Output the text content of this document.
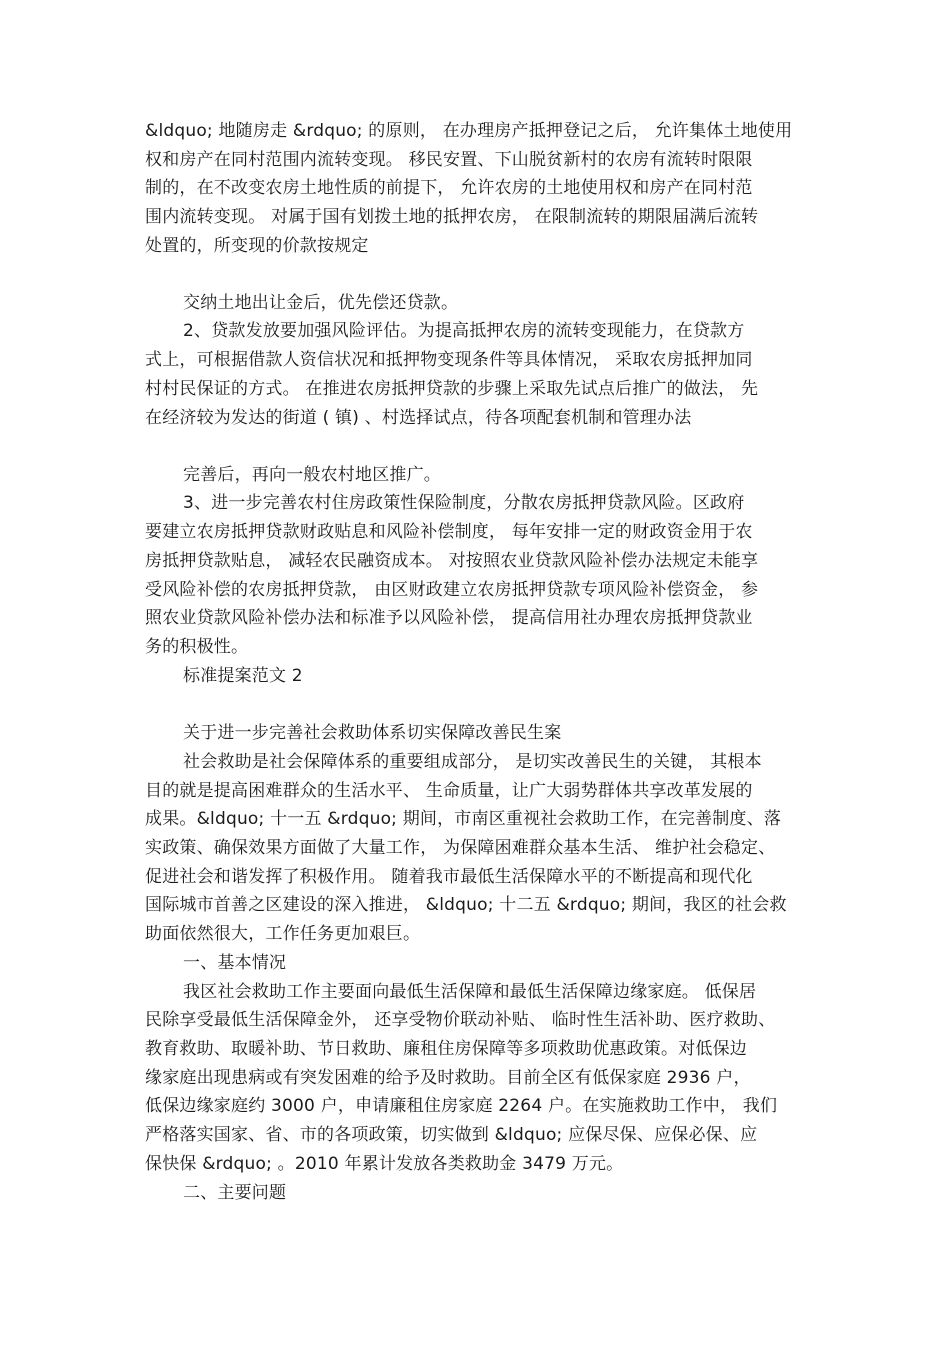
&ldquo; 地随房走 &rdquo; 的原则， 在办理房产抵押登记之后， 允许集体土地使用
权和房产在同村范围内流转变现。 移民安置、下山脱贫新村的农房有流转时限限
制的，在不改变农房土地性质的前提下， 允许农房的土地使用权和房产在同村范
围内流转变现。 对属于国有划拨土地的抵押农房， 在限制流转的期限届满后流转
处置的，所变现的价款按规定
交纳土地出让金后，优先偿还贷款。
2、贷款发放要加强风险评估。为提高抵押农房的流转变现能力，在贷款方
式上，可根据借款人资信状况和抵押物变现条件等具体情况， 采取农房抵押加同
村村民保证的方式。 在推进农房抵押贷款的步骤上采取先试点后推广的做法， 先
在经济较为发达的街道 ( 镇) 、村选择试点，待各项配套机制和管理办法
完善后，再向一般农村地区推广。
3、进一步完善农村住房政策性保险制度，分散农房抵押贷款风险。区政府
要建立农房抵押贷款财政贴息和风险补偿制度， 每年安排一定的财政资金用于农
房抵押贷款贴息， 减轻农民融资成本。 对按照农业贷款风险补偿办法规定未能享
受风险补偿的农房抵押贷款， 由区财政建立农房抵押贷款专项风险补偿资金， 参
照农业贷款风险补偿办法和标准予以风险补偿， 提高信用社办理农房抵押贷款业
务的积极性。
标准提案范文 2
关于进一步完善社会救助体系切实保障改善民生案
社会救助是社会保障体系的重要组成部分， 是切实改善民生的关键， 其根本
目的就是提高困难群众的生活水平、 生命质量，让广大弱势群体共享改革发展的
成果。&ldquo; 十一五 &rdquo; 期间，市南区重视社会救助工作，在完善制度、落
实政策、确保效果方面做了大量工作， 为保障困难群众基本生活、 维护社会稳定、
促进社会和谐发挥了积极作用。 随着我市最低生活保障水平的不断提高和现代化
国际城市首善之区建设的深入推进， &ldquo; 十二五 &rdquo; 期间，我区的社会救
助面依然很大，工作任务更加艰巨。
一、基本情况
我区社会救助工作主要面向最低生活保障和最低生活保障边缘家庭。 低保居
民除享受最低生活保障金外， 还享受物价联动补贴、 临时性生活补助、医疗救助、
教育救助、取暖补助、节日救助、廉租住房保障等多项救助优惠政策。对低保边
缘家庭出现患病或有突发困难的给予及时救助。目前全区有低保家庭 2936 户，
低保边缘家庭约 3000 户，申请廉租住房家庭 2264 户。在实施救助工作中， 我们
严格落实国家、省、市的各项政策，切实做到 &ldquo; 应保尽保、应保必保、应
保快保 &rdquo; 。2010 年累计发放各类救助金 3479 万元。
二、主要问题
